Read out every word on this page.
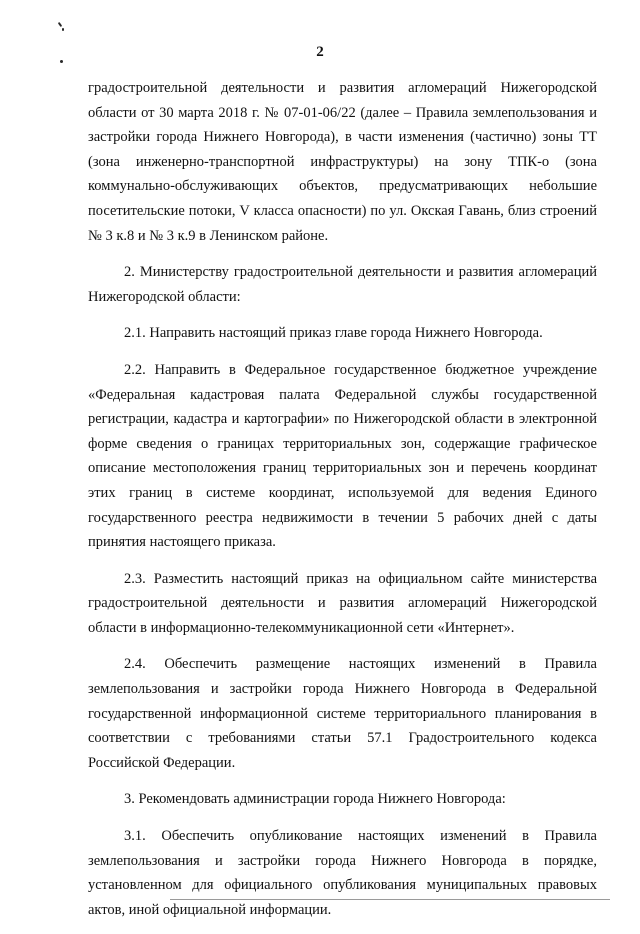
2

градостроительной деятельности и развития агломераций Нижегородской области от 30 марта 2018 г. № 07-01-06/22 (далее – Правила землепользования и застройки города Нижнего Новгорода), в части изменения (частично) зоны ТТ (зона инженерно-транспортной инфраструктуры) на зону ТПК-о (зона коммунально-обслуживающих объектов, предусматривающих небольшие посетительские потоки, V класса опасности) по ул. Окская Гавань, близ строений № 3 к.8 и № 3 к.9 в Ленинском районе.

2. Министерству градостроительной деятельности и развития агломераций Нижегородской области:

2.1. Направить настоящий приказ главе города Нижнего Новгорода.

2.2. Направить в Федеральное государственное бюджетное учреждение «Федеральная кадастровая палата Федеральной службы государственной регистрации, кадастра и картографии» по Нижегородской области в электронной форме сведения о границах территориальных зон, содержащие графическое описание местоположения границ территориальных зон и перечень координат этих границ в системе координат, используемой для ведения Единого государственного реестра недвижимости в течении 5 рабочих дней с даты принятия настоящего приказа.

2.3. Разместить настоящий приказ на официальном сайте министерства градостроительной деятельности и развития агломераций Нижегородской области в информационно-телекоммуникационной сети «Интернет».

2.4. Обеспечить размещение настоящих изменений в Правила землепользования и застройки города Нижнего Новгорода в Федеральной государственной информационной системе территориального планирования в соответствии с требованиями статьи 57.1 Градостроительного кодекса Российской Федерации.

3. Рекомендовать администрации города Нижнего Новгорода:

3.1. Обеспечить опубликование настоящих изменений в Правила землепользования и застройки города Нижнего Новгорода в порядке, установленном для официального опубликования муниципальных правовых актов, иной официальной информации.
